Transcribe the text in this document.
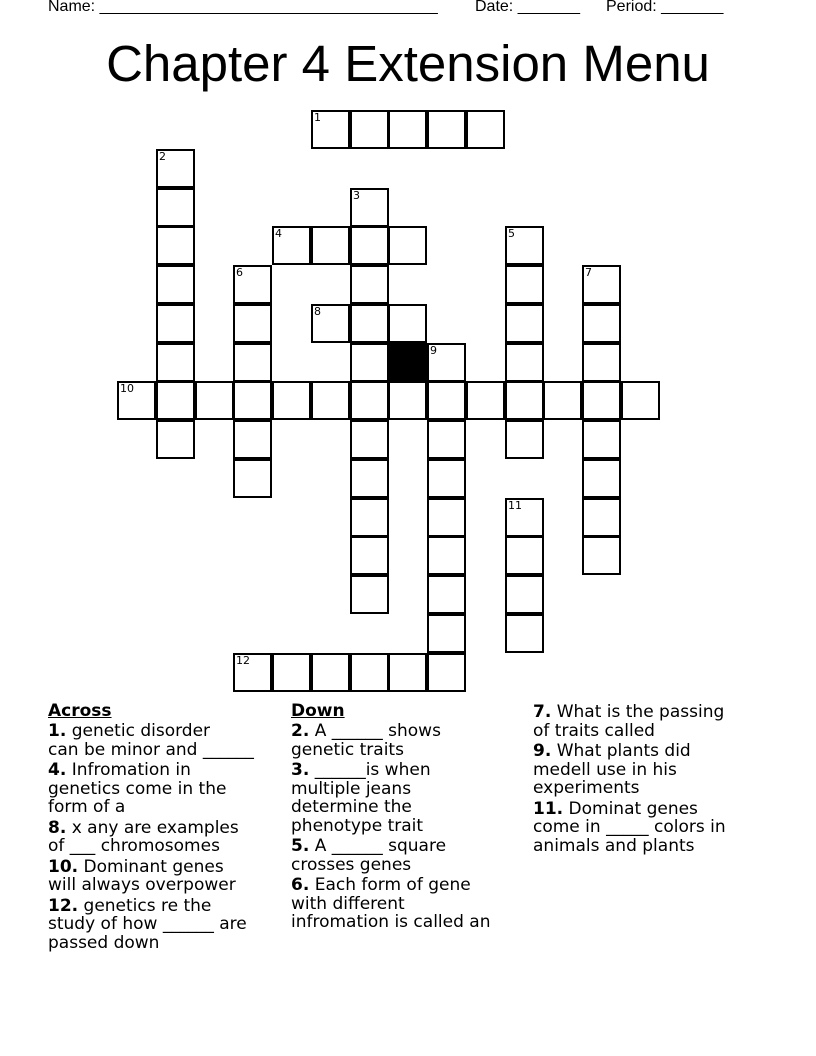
Name: ______________________________________ Date: _______ Period: _______
Chapter 4 Extension Menu
1
2
3
4	5
6	7
8
9
10
11
12
Across
1. genetic disorder
can be minor and ______
4. Infromation in
genetics come in the
form of a
8. x any are examples
of ___ chromosomes
10. Dominant genes
will always overpower
12. genetics re the
study of how ______ are
passed down
Down
2. A ______ shows
genetic traits
3. ______is when
multiple jeans
determine the
phenotype trait
5. A ______ square
crosses genes
6. Each form of gene
with different
infromation is called an
7. What is the passing
of traits called
9. What plants did
medell use in his
experiments
11. Dominat genes
come in _____ colors in
animals and plants
